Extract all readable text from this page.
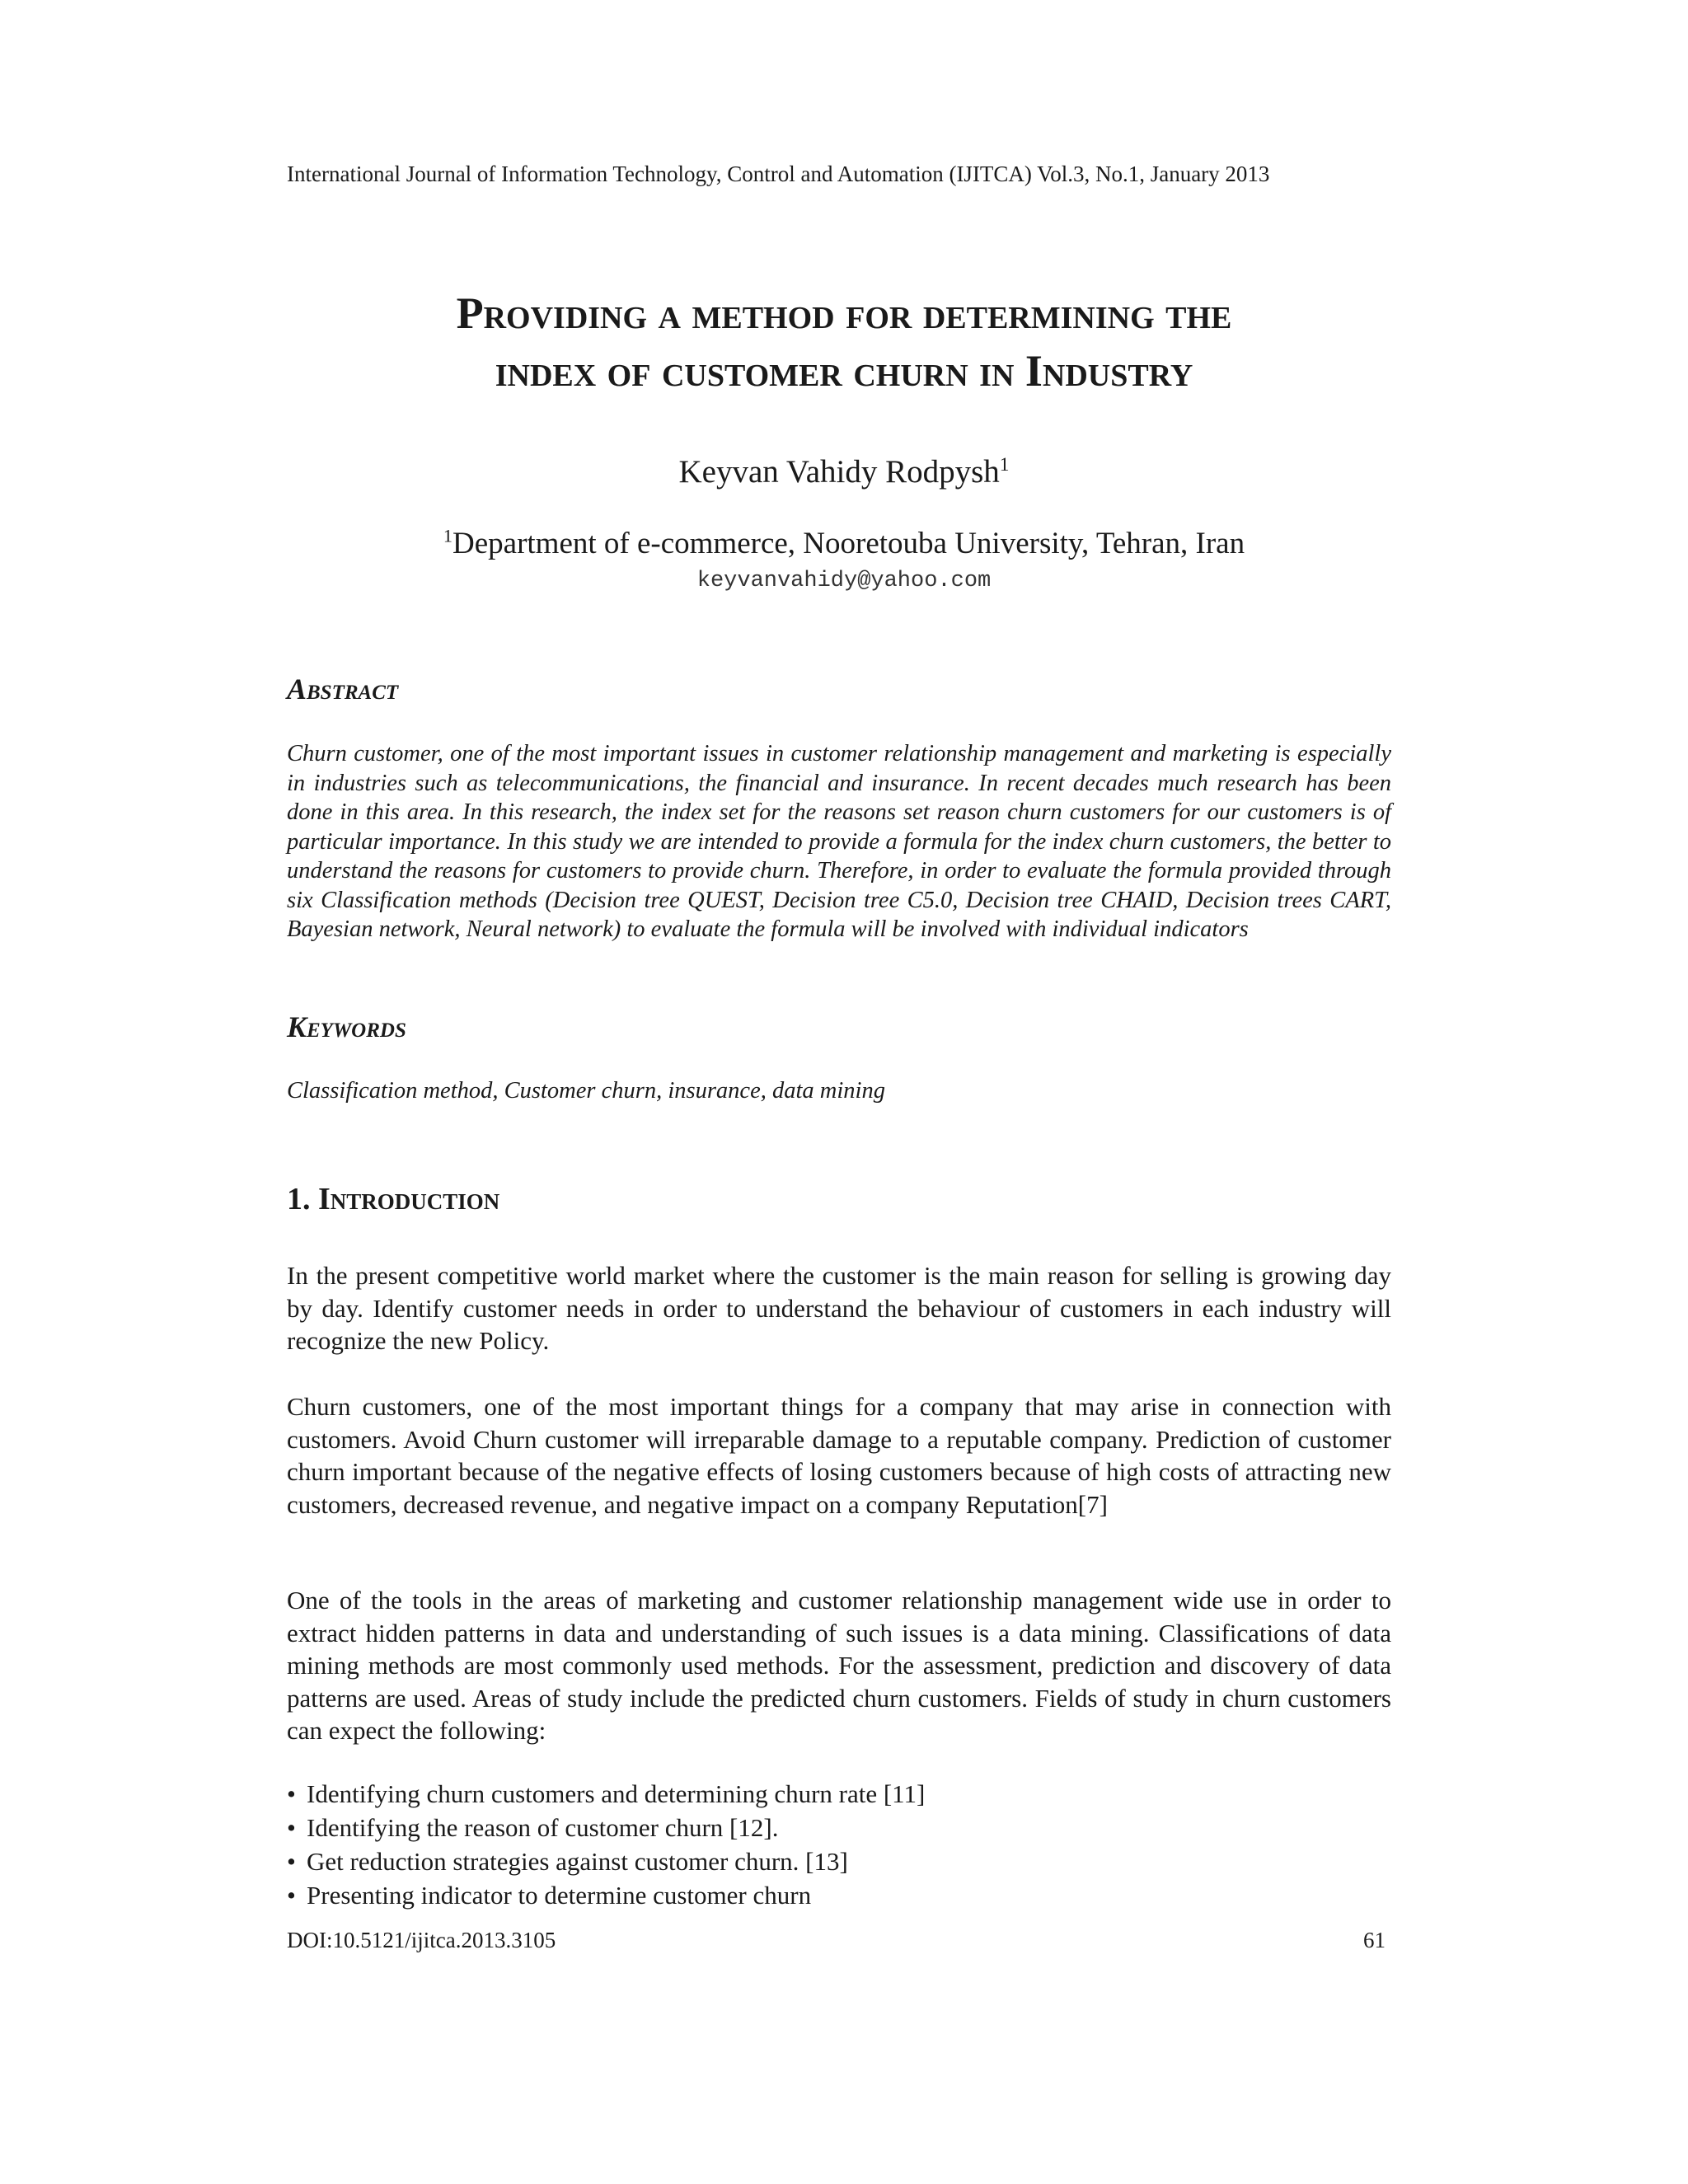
International Journal of Information Technology, Control and Automation (IJITCA) Vol.3, No.1, January 2013
Providing a method for determining the
index of customer churn in Industry
Keyvan Vahidy Rodpysh$^1$
$^1$Department of e-commerce, Nooretouba University, Tehran, Iran
keyvanvahidy@yahoo.com
Abstract
Churn customer, one of the most important issues in customer relationship management and marketing is especially in industries such as telecommunications, the financial and insurance. In recent decades much research has been done in this area. In this research, the index set for the reasons set reason churn customers for our customers is of particular importance. In this study we are intended to provide a formula for the index churn customers, the better to understand the reasons for customers to provide churn. Therefore, in order to evaluate the formula provided through six Classification methods (Decision tree QUEST, Decision tree C5.0, Decision tree CHAID, Decision trees CART, Bayesian network, Neural network) to evaluate the formula will be involved with individual indicators
Keywords
Classification method, Customer churn, insurance, data mining
1. Introduction
In the present competitive world market where the customer is the main reason for selling is growing day by day. Identify customer needs in order to understand the behaviour of customers in each industry will recognize the new Policy.
Churn customers, one of the most important things for a company that may arise in connection with customers. Avoid Churn customer will irreparable damage to a reputable company. Prediction of customer churn important because of the negative effects of losing customers because of high costs of attracting new customers, decreased revenue, and negative impact on a company Reputation[7]
One of the tools in the areas of marketing and customer relationship management wide use in order to extract hidden patterns in data and understanding of such issues is a data mining. Classifications of data mining methods are most commonly used methods. For the assessment, prediction and discovery of data patterns are used. Areas of study include the predicted churn customers. Fields of study in churn customers can expect the following:
• Identifying churn customers and determining churn rate [11]
• Identifying the reason of customer churn [12].
• Get reduction strategies against customer churn. [13]
• Presenting indicator to determine customer churn
DOI:10.5121/ijitca.2013.3105	61
